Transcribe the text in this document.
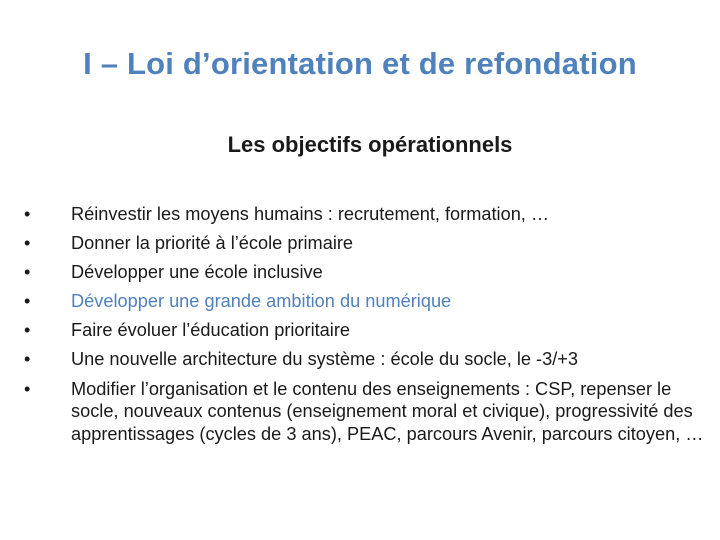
I – Loi d’orientation et de refondation
Les objectifs opérationnels
•	Réinvestir les moyens humains : recrutement, formation, …
•	Donner la priorité à l’école primaire
•	Développer une école inclusive
•	Développer une grande ambition du numérique
•	Faire évoluer l’éducation prioritaire
•	Une nouvelle architecture du système : école du socle, le -3/+3
•	Modifier l’organisation et le contenu des enseignements : CSP, repenser le socle, nouveaux contenus (enseignement moral et civique), progressivité des apprentissages (cycles de 3 ans), PEAC, parcours Avenir, parcours citoyen, …
